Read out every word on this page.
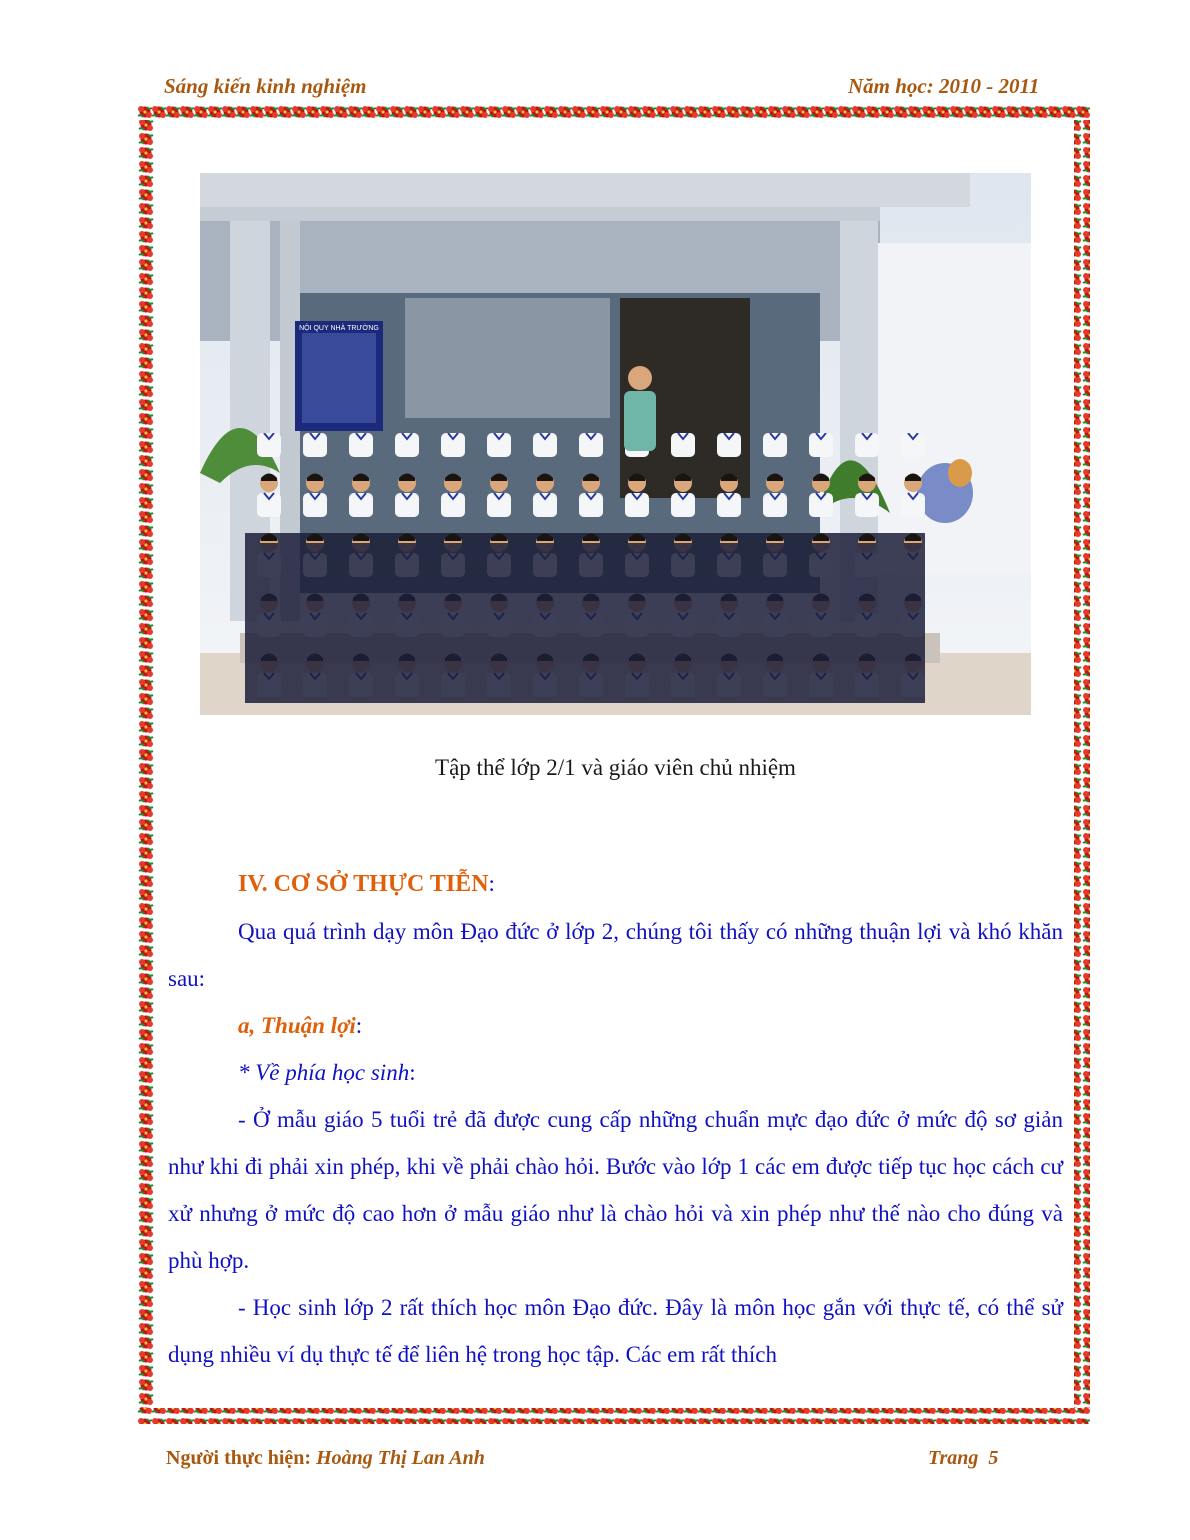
Sáng kiến kinh nghiệm	Năm học: 2010 - 2011
NỘI QUY NHÀ TRƯỜNG
Tập thể lớp 2/1 và giáo viên chủ nhiệm

IV. CƠ SỞ THỰC TIỄN:

Qua quá trình dạy môn Đạo đức ở lớp 2, chúng tôi thấy có những thuận lợi và khó khăn sau:

a, Thuận lợi:

* Về phía học sinh:

- Ở mẫu giáo 5 tuổi trẻ đã được cung cấp những chuẩn mực đạo đức ở mức độ sơ giản như khi đi phải xin phép, khi về phải chào hỏi. Bước vào lớp 1 các em được tiếp tục học cách cư xử nhưng ở mức độ cao hơn ở mẫu giáo như là chào hỏi và xin phép như thế nào cho đúng và phù hợp.

- Học sinh lớp 2 rất thích học môn Đạo đức. Đây là môn học gắn với thực tế, có thể sử dụng nhiều ví dụ thực tế để liên hệ trong học tập. Các em rất thích

Người thực hiện: Hoàng Thị Lan Anh	Trang  5
